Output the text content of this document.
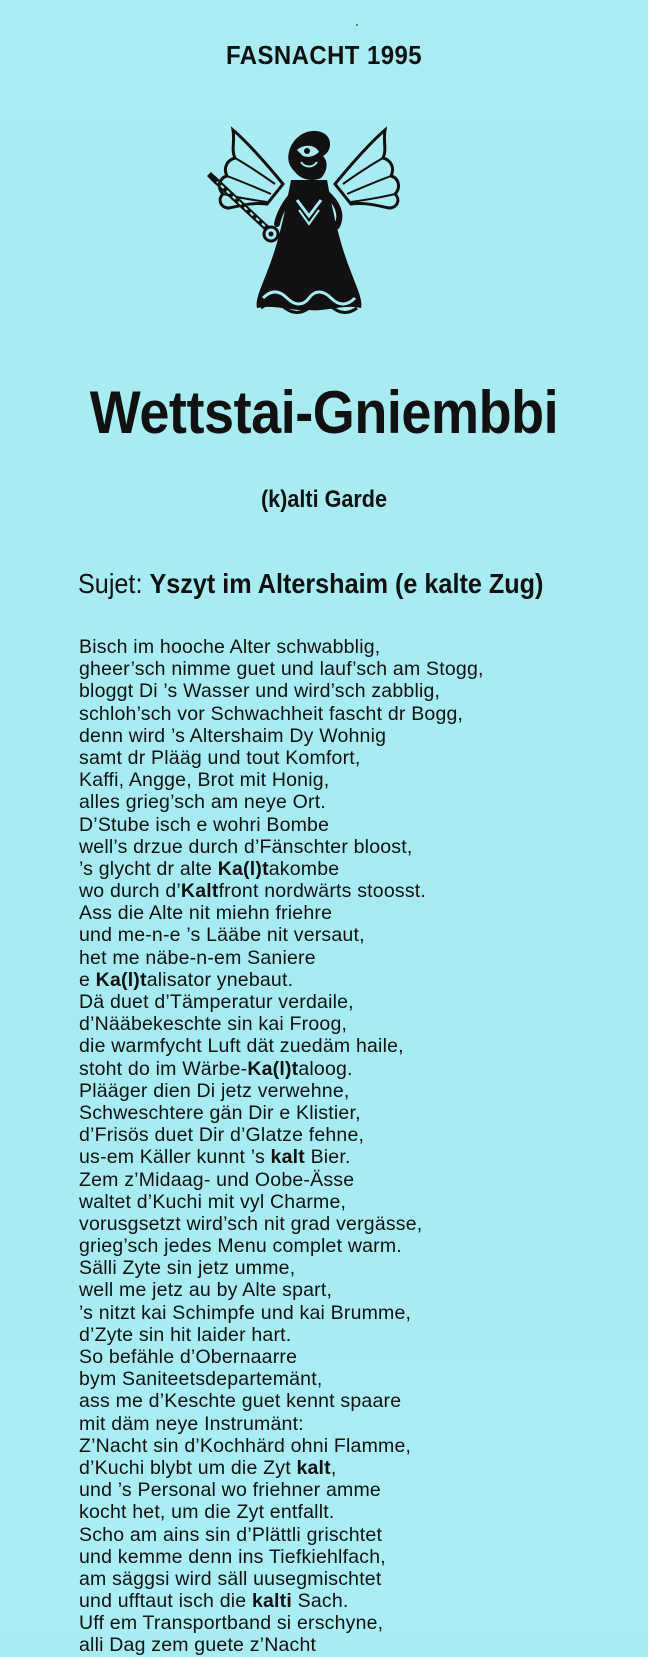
FASNACHT 1995
Wettstai-Gniembbi
(k)alti Garde
Sujet: Yszyt im Altershaim (e kalte Zug)
Bisch im hooche Alter schwabblig,
gheer’sch nimme guet und lauf’sch am Stogg,
bloggt Di ’s Wasser und wird’sch zabblig,
schloh’sch vor Schwachheit fascht dr Bogg,
denn wird ’s Altershaim Dy Wohnig
samt dr Plääg und tout Komfort,
Kaffi, Angge, Brot mit Honig,
alles grieg’sch am neye Ort.
D’Stube isch e wohri Bombe
well’s drzue durch d’Fänschter bloost,
’s glycht dr alte Ka(l)takombe
wo durch d’Kaltfront nordwärts stoosst.
Ass die Alte nit miehn friehre
und me-n-e ’s Lääbe nit versaut,
het me näbe-n-em Saniere
e Ka(l)talisator ynebaut.
Dä duet d’Tämperatur verdaile,
d’Nääbekeschte sin kai Froog,
die warmfycht Luft dät zuedäm haile,
stoht do im Wärbe-Ka(l)taloog.
Plääger dien Di jetz verwehne,
Schweschtere gän Dir e Klistier,
d’Frisös duet Dir d’Glatze fehne,
us-em Käller kunnt ’s kalt Bier.
Zem z’Midaag- und Oobe-Ässe
waltet d’Kuchi mit vyl Charme,
vorusgsetzt wird’sch nit grad vergässe,
grieg’sch jedes Menu complet warm.
Sälli Zyte sin jetz umme,
well me jetz au by Alte spart,
’s nitzt kai Schimpfe und kai Brumme,
d’Zyte sin hit laider hart.
So befähle d’Obernaarre
bym Saniteetsdepartemänt,
ass me d’Keschte guet kennt spaare
mit däm neye Instrumänt:
Z’Nacht sin d’Kochhärd ohni Flamme,
d’Kuchi blybt um die Zyt kalt,
und ’s Personal wo friehner amme
kocht het, um die Zyt entfallt.
Scho am ains sin d’Plättli grischtet
und kemme denn ins Tiefkiehlfach,
am säggsi wird säll uusegmischtet
und ufftaut isch die kalti Sach.
Uff em Transportband si erschyne,
alli Dag zem guete z’Nacht
